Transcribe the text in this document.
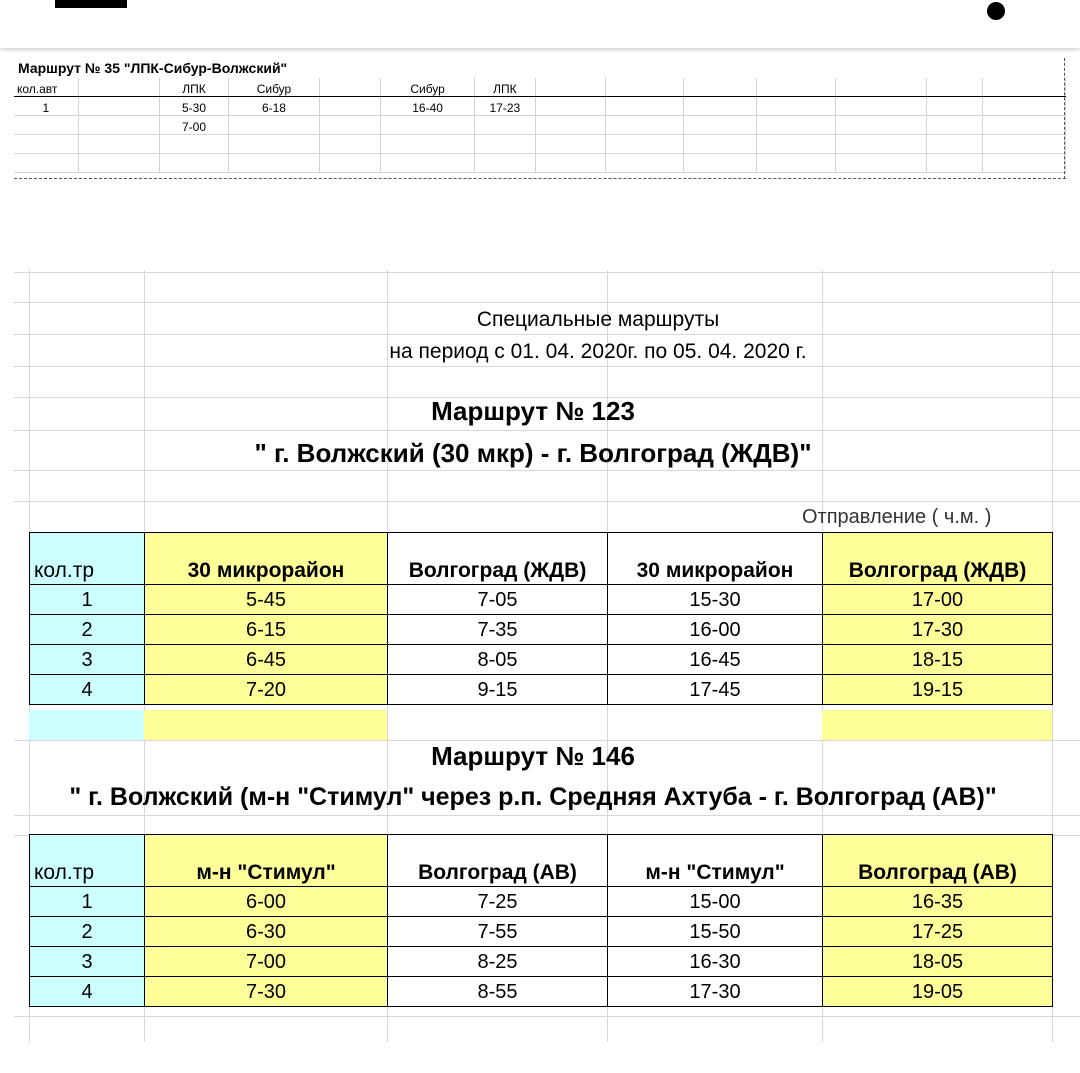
Маршрут № 35 "ЛПК-Сибур-Волжский"
кол.авт		ЛПК	Сибур		Сибур	ЛПК							
1		5-30	6-18		16-40	17-23							
		7-00											

Специальные маршруты
на период с 01. 04. 2020г. по 05. 04. 2020 г.
Маршрут № 123
" г. Волжский (30 мкр) - г. Волгоград (ЖДВ)"
Отправление ( ч.м. )
Маршрут № 146
" г. Волжский (м-н "Стимул" через р.п. Средняя Ахтуба - г. Волгоград (АВ)"
кол.тр	30 микрорайон	Волгоград (ЖДВ)	30 микрорайон	Волгоград (ЖДВ)
1	5-45	7-05	15-30	17-00
2	6-15	7-35	16-00	17-30
3	6-45	8-05	16-45	18-15
4	7-20	9-15	17-45	19-15
кол.тр	м-н "Стимул"	Волгоград (АВ)	м-н "Стимул"	Волгоград (АВ)
1	6-00	7-25	15-00	16-35
2	6-30	7-55	15-50	17-25
3	7-00	8-25	16-30	18-05
4	7-30	8-55	17-30	19-05
